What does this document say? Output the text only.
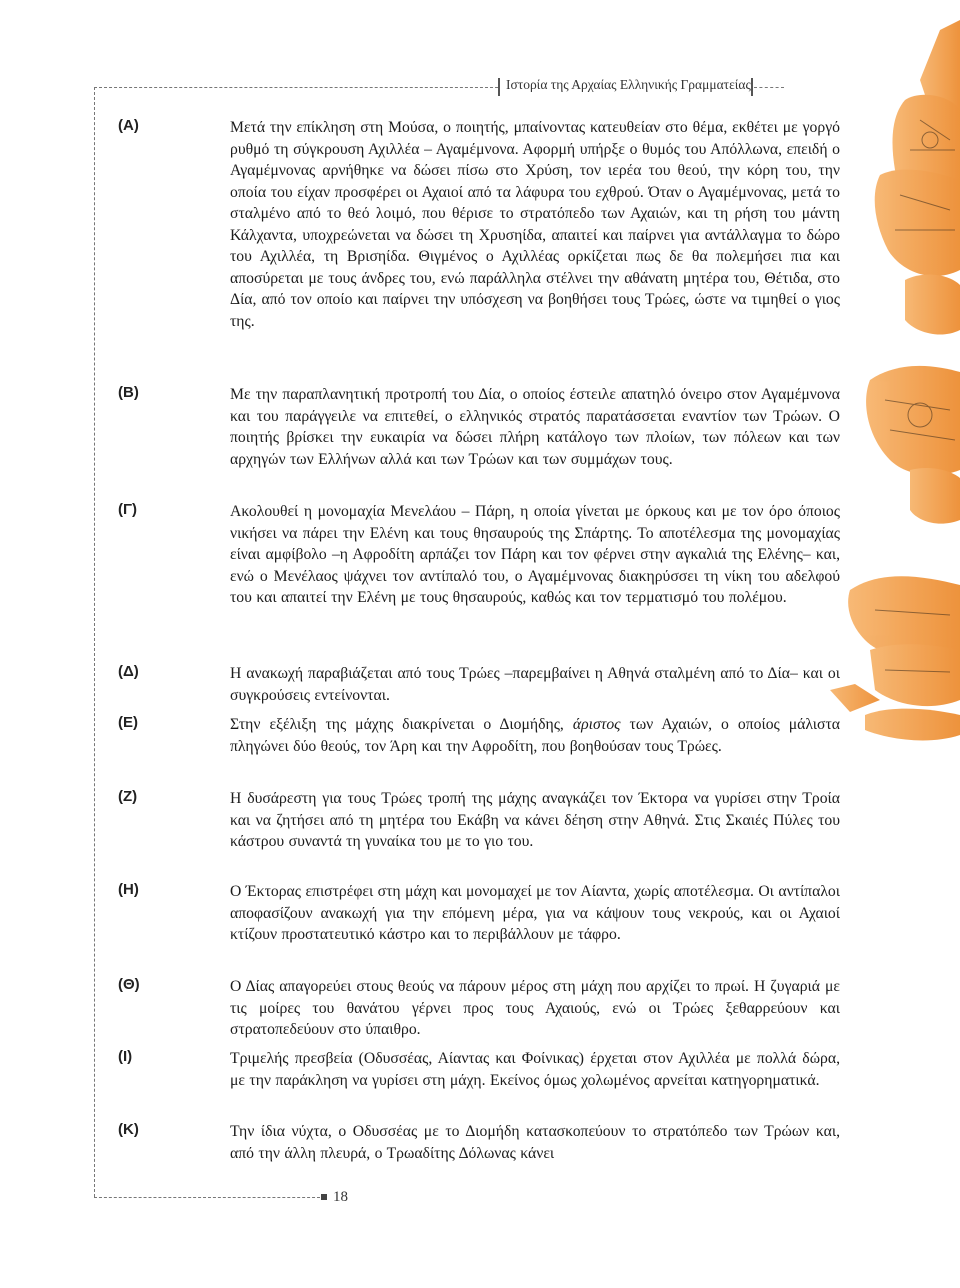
Ιστορία της Αρχαίας Ελληνικής Γραμματείας
18
(Α)	Μετά την επίκληση στη Μούσα, ο ποιητής, μπαίνοντας κατευθείαν στο θέμα, εκθέτει με γοργό ρυθμό τη σύγκρουση Αχιλλέα – Αγαμέμνονα. Αφορμή υπήρξε ο θυμός του Απόλλωνα, επειδή ο Αγαμέμνονας αρνήθηκε να δώσει πίσω στο Χρύση, τον ιερέα του θεού, την κόρη του, την οποία του είχαν προσφέρει οι Αχαιοί από τα λάφυρα του εχθρού. Όταν ο Αγαμέμνονας, μετά το σταλμένο από το θεό λοιμό, που θέρισε το στρατόπεδο των Αχαιών, και τη ρήση του μάντη Κάλχαντα, υποχρεώνεται να δώσει τη Χρυσηίδα, απαιτεί και παίρνει για αντάλλαγμα το δώρο του Αχιλλέα, τη Βρισηίδα. Θιγμένος ο Αχιλλέας ορκίζεται πως δε θα πολεμήσει πια και αποσύρεται με τους άνδρες του, ενώ παράλληλα στέλνει την αθάνατη μητέρα του, Θέτιδα, στο Δία, από τον οποίο και παίρνει την υπόσχεση να βοηθήσει τους Τρώες, ώστε να τιμηθεί ο γιος της.

(Β)	Με την παραπλανητική προτροπή του Δία, ο οποίος έστειλε απατηλό όνειρο στον Αγαμέμνονα και του παράγγειλε να επιτεθεί, ο ελληνικός στρατός παρατάσσεται εναντίον των Τρώων. Ο ποιητής βρίσκει την ευκαιρία να δώσει πλήρη κατάλογο των πλοίων, των πόλεων και των αρχηγών των Ελλήνων αλλά και των Τρώων και των συμμάχων τους.

(Γ)	Ακολουθεί η μονομαχία Μενελάου – Πάρη, η οποία γίνεται με όρκους και με τον όρο όποιος νικήσει να πάρει την Ελένη και τους θησαυρούς της Σπάρτης. Το αποτέλεσμα της μονομαχίας είναι αμφίβολο –η Αφροδίτη αρπάζει τον Πάρη και τον φέρνει στην αγκαλιά της Ελένης– και, ενώ ο Μενέλαος ψάχνει τον αντίπαλό του, ο Αγαμέμνονας διακηρύσσει τη νίκη του αδελφού του και απαιτεί την Ελένη με τους θησαυρούς, καθώς και τον τερματισμό του πολέμου.

(Δ)	Η ανακωχή παραβιάζεται από τους Τρώες –παρεμβαίνει η Αθηνά σταλμένη από το Δία– και οι συγκρούσεις εντείνονται.

(Ε)	Στην εξέλιξη της μάχης διακρίνεται ο Διομήδης, άριστος των Αχαιών, ο οποίος μάλιστα πληγώνει δύο θεούς, τον Άρη και την Αφροδίτη, που βοηθούσαν τους Τρώες.

(Ζ)	Η δυσάρεστη για τους Τρώες τροπή της μάχης αναγκάζει τον Έκτορα να γυρίσει στην Τροία και να ζητήσει από τη μητέρα του Εκάβη να κάνει δέηση στην Αθηνά. Στις Σκαιές Πύλες του κάστρου συναντά τη γυναίκα του με το γιο του.

(Η)	Ο Έκτορας επιστρέφει στη μάχη και μονομαχεί με τον Αίαντα, χωρίς αποτέλεσμα. Οι αντίπαλοι αποφασίζουν ανακωχή για την επόμενη μέρα, για να κάψουν τους νεκρούς, και οι Αχαιοί κτίζουν προστατευτικό κάστρο και το περιβάλλουν με τάφρο.

(Θ)	Ο Δίας απαγορεύει στους θεούς να πάρουν μέρος στη μάχη που αρχίζει το πρωί. Η ζυγαριά με τις μοίρες του θανάτου γέρνει προς τους Αχαιούς, ενώ οι Τρώες ξεθαρρεύουν και στρατοπεδεύουν στο ύπαιθρο.

(Ι)	Τριμελής πρεσβεία (Οδυσσέας, Αίαντας και Φοίνικας) έρχεται στον Αχιλλέα με πολλά δώρα, με την παράκληση να γυρίσει στη μάχη. Εκείνος όμως χολωμένος αρνείται κατηγορηματικά.

(Κ)	Την ίδια νύχτα, ο Οδυσσέας με το Διομήδη κατασκοπεύουν το στρατόπεδο των Τρώων και, από την άλλη πλευρά, ο Τρωαδίτης Δόλωνας κάνει
